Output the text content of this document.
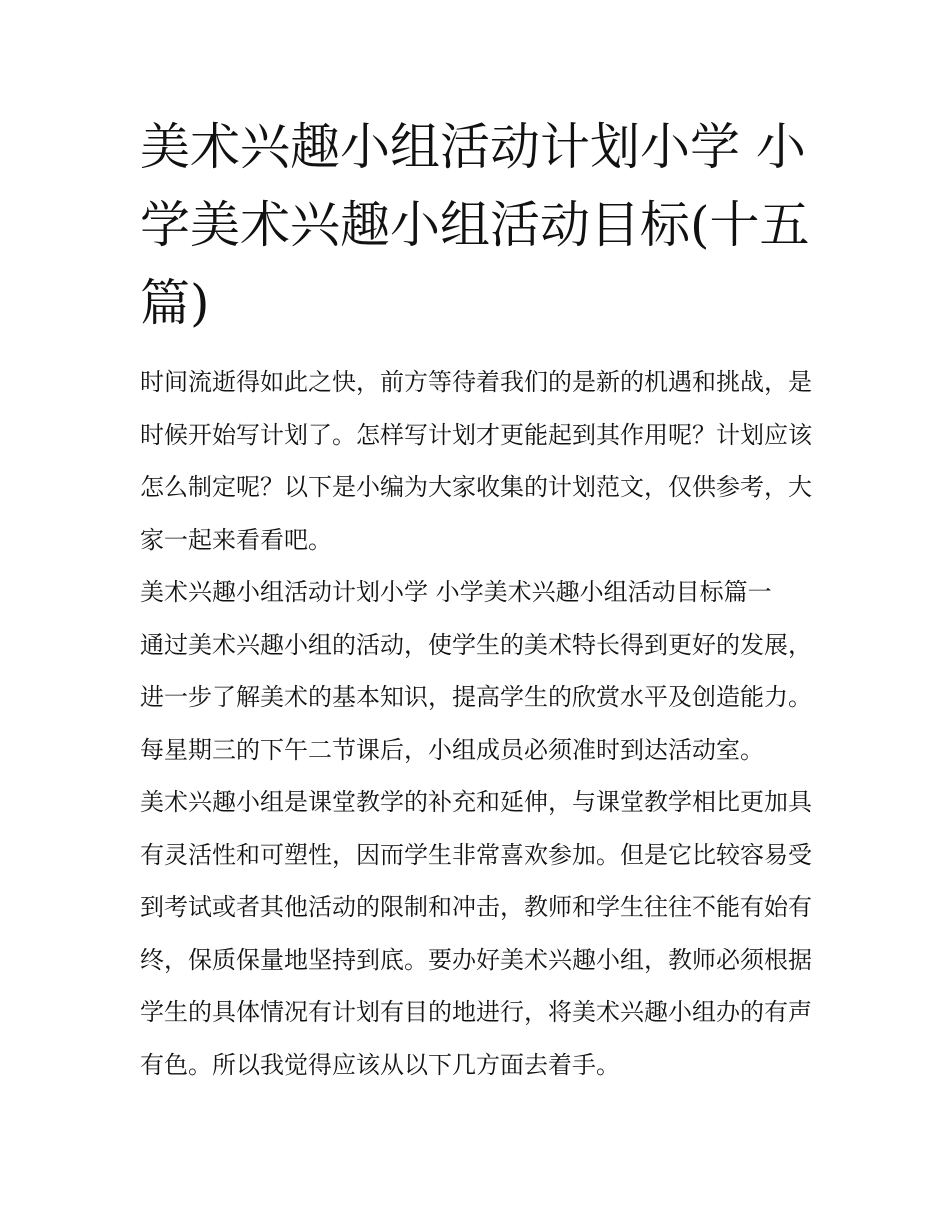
美术兴趣小组活动计划小学 小学美术兴趣小组活动目标(十五篇)

时间流逝得如此之快，前方等待着我们的是新的机遇和挑战，是时候开始写计划了。怎样写计划才更能起到其作用呢？计划应该怎么制定呢？以下是小编为大家收集的计划范文，仅供参考，大家一起来看看吧。

美术兴趣小组活动计划小学 小学美术兴趣小组活动目标篇一

通过美术兴趣小组的活动，使学生的美术特长得到更好的发展，进一步了解美术的基本知识，提高学生的欣赏水平及创造能力。

每星期三的下午二节课后，小组成员必须准时到达活动室。

美术兴趣小组是课堂教学的补充和延伸，与课堂教学相比更加具有灵活性和可塑性，因而学生非常喜欢参加。但是它比较容易受到考试或者其他活动的限制和冲击，教师和学生往往不能有始有终，保质保量地坚持到底。要办好美术兴趣小组，教师必须根据学生的具体情况有计划有目的地进行，将美术兴趣小组办的有声有色。所以我觉得应该从以下几方面去着手。
